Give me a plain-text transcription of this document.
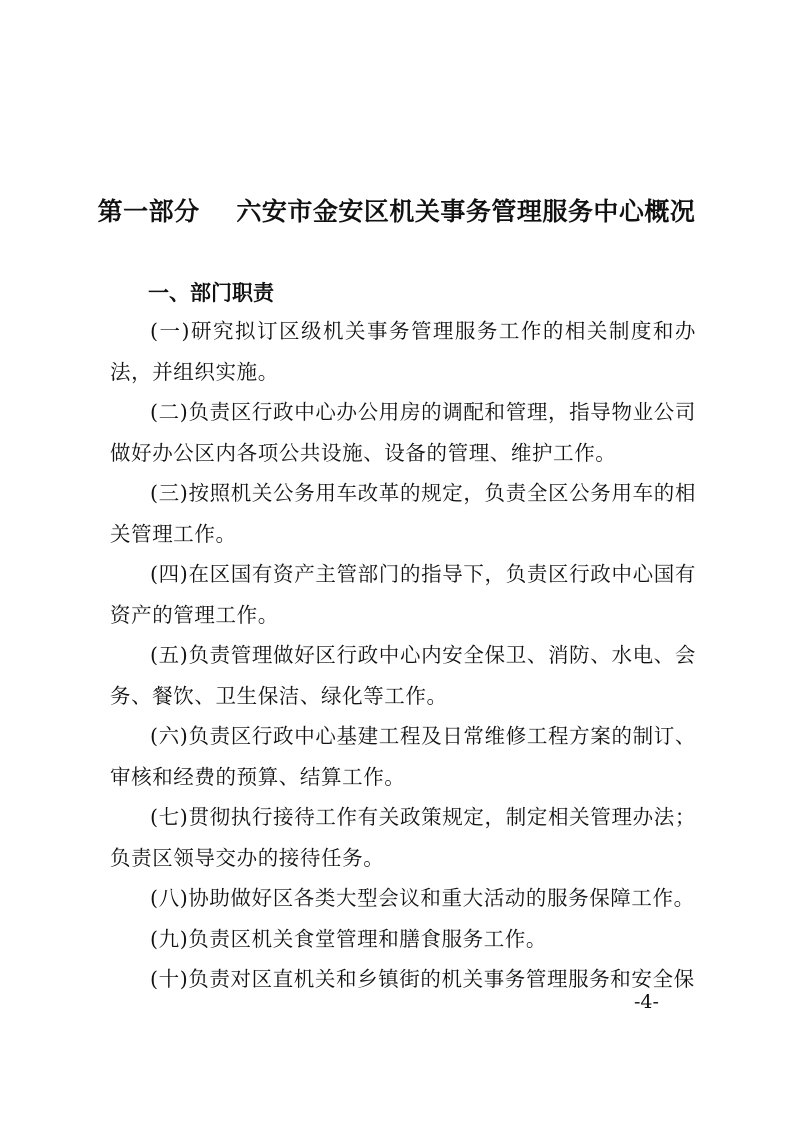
第一部分    六安市金安区机关事务管理服务中心概况
一、部门职责

(一)研究拟订区级机关事务管理服务工作的相关制度和办法，并组织实施。

(二)负责区行政中心办公用房的调配和管理，指导物业公司做好办公区内各项公共设施、设备的管理、维护工作。

(三)按照机关公务用车改革的规定，负责全区公务用车的相关管理工作。

(四)在区国有资产主管部门的指导下，负责区行政中心国有资产的管理工作。

(五)负责管理做好区行政中心内安全保卫、消防、水电、会务、餐饮、卫生保洁、绿化等工作。

(六)负责区行政中心基建工程及日常维修工程方案的制订、审核和经费的预算、结算工作。

(七)贯彻执行接待工作有关政策规定，制定相关管理办法；负责区领导交办的接待任务。

(八)协助做好区各类大型会议和重大活动的服务保障工作。

(九)负责区机关食堂管理和膳食服务工作。

(十)负责对区直机关和乡镇街的机关事务管理服务和安全保

-4-
